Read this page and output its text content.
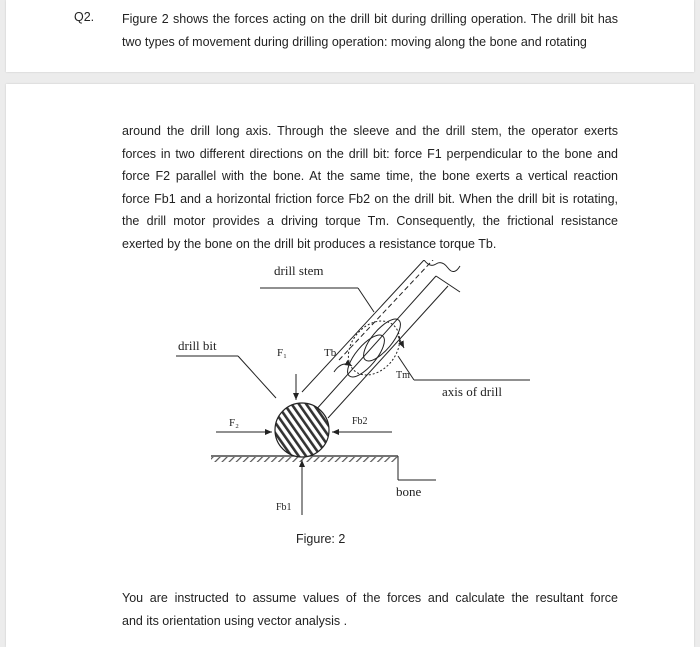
Q2. Figure 2 shows the forces acting on the drill bit during drilling operation. The drill bit has
two types of movement during drilling operation: moving along the bone and rotating
around the drill long axis. Through the sleeve and the drill stem, the operator exerts
forces in two different directions on the drill bit: force F1 perpendicular to the bone and
force F2 parallel with the bone. At the same time, the bone exerts a vertical reaction
force Fb1 and a horizontal friction force Fb2 on the drill bit. When the drill bit is rotating,
the drill motor provides a driving torque Tm. Consequently, the frictional resistance
exerted by the bone on the drill bit produces a resistance torque Tb.
drill stem
drill bit
axis of drill
bone
F₁
F₂
Fb1
Fb2
Tb
Tm
Figure: 2
You are instructed to assume values of the forces and calculate the resultant force
and its orientation using vector analysis .
